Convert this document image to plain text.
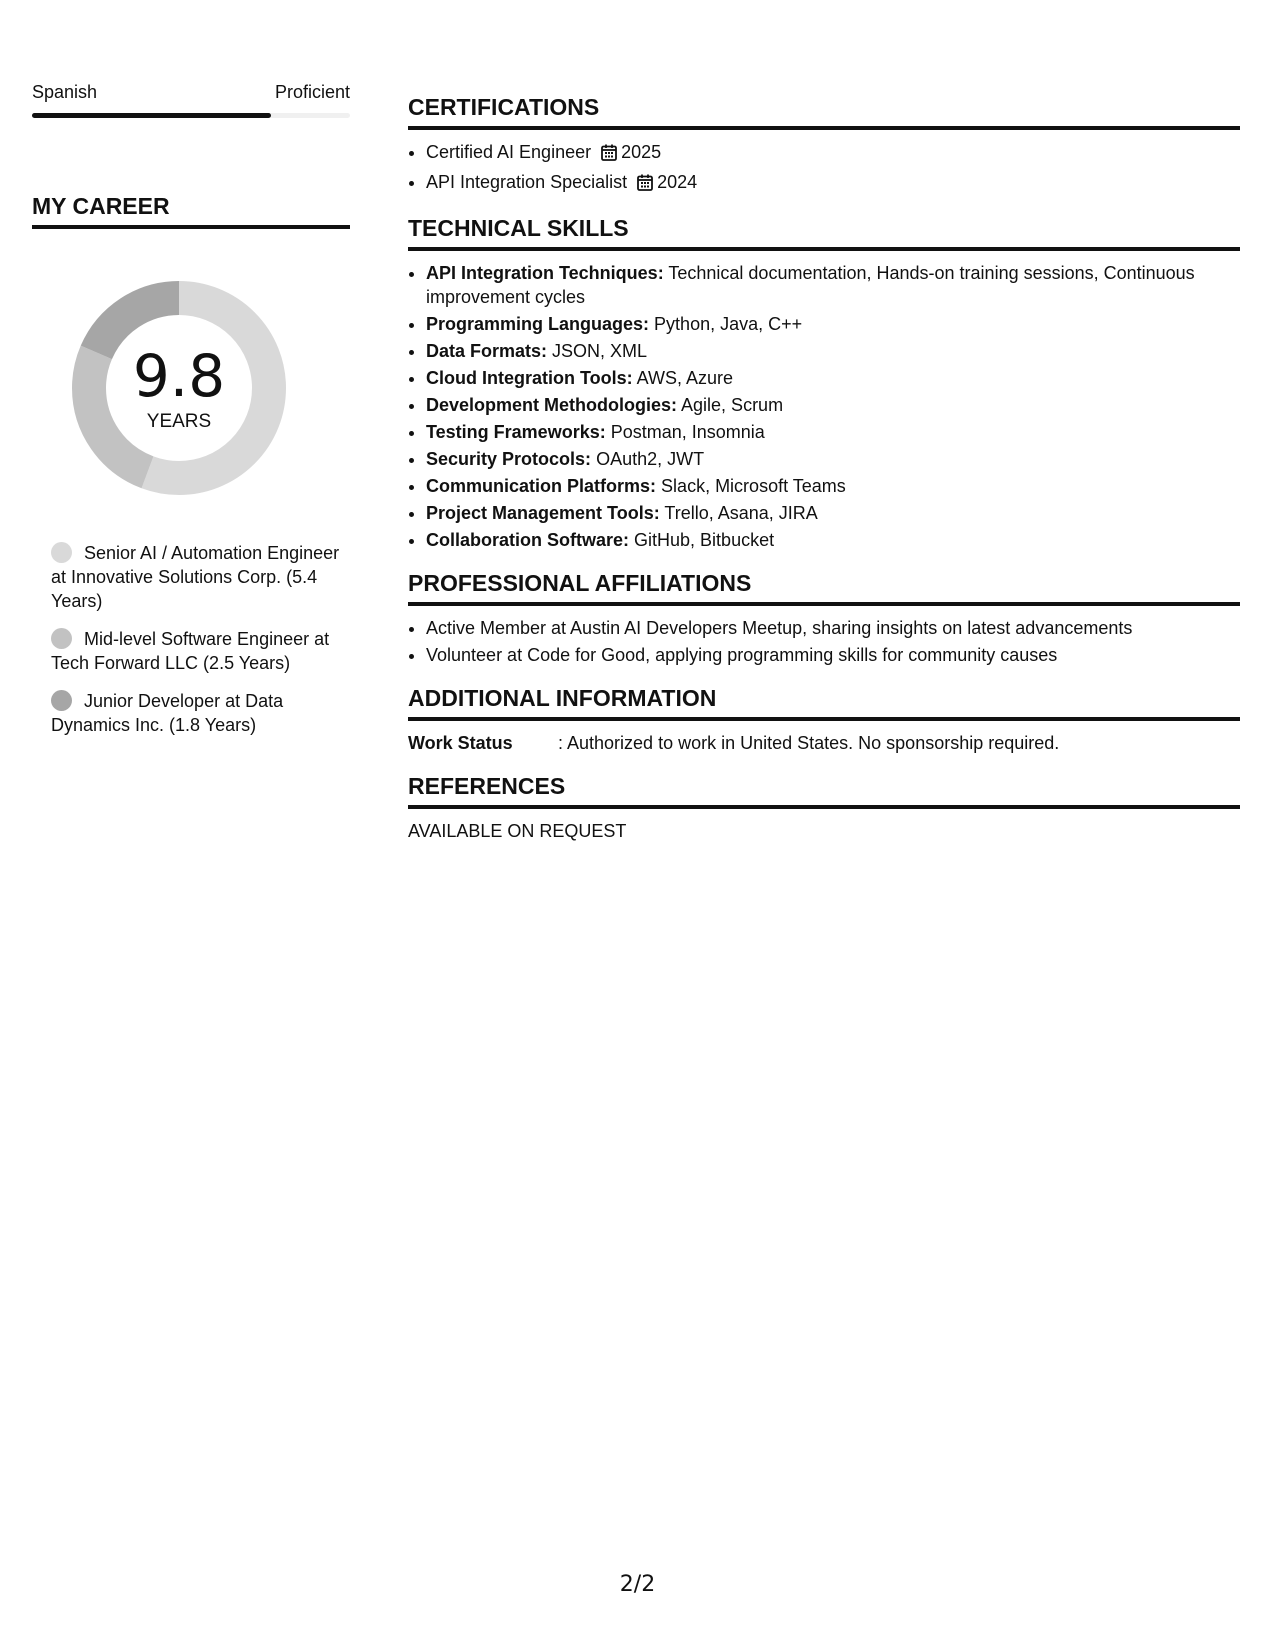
Spanish	Proficient
MY CAREER
9.8
YEARS
Senior AI / Automation Engineer at Innovative Solutions Corp. (5.4 Years)
Mid-level Software Engineer at Tech Forward LLC (2.5 Years)
Junior Developer at Data Dynamics Inc. (1.8 Years)
CERTIFICATIONS
• Certified AI Engineer 2025
• API Integration Specialist 2024
TECHNICAL SKILLS
• API Integration Techniques: Technical documentation, Hands-on training sessions, Continuous improvement cycles
• Programming Languages: Python, Java, C++
• Data Formats: JSON, XML
• Cloud Integration Tools: AWS, Azure
• Development Methodologies: Agile, Scrum
• Testing Frameworks: Postman, Insomnia
• Security Protocols: OAuth2, JWT
• Communication Platforms: Slack, Microsoft Teams
• Project Management Tools: Trello, Asana, JIRA
• Collaboration Software: GitHub, Bitbucket
PROFESSIONAL AFFILIATIONS
• Active Member at Austin AI Developers Meetup, sharing insights on latest advancements
• Volunteer at Code for Good, applying programming skills for community causes
ADDITIONAL INFORMATION
Work Status	: Authorized to work in United States. No sponsorship required.
REFERENCES
AVAILABLE ON REQUEST
2/2
